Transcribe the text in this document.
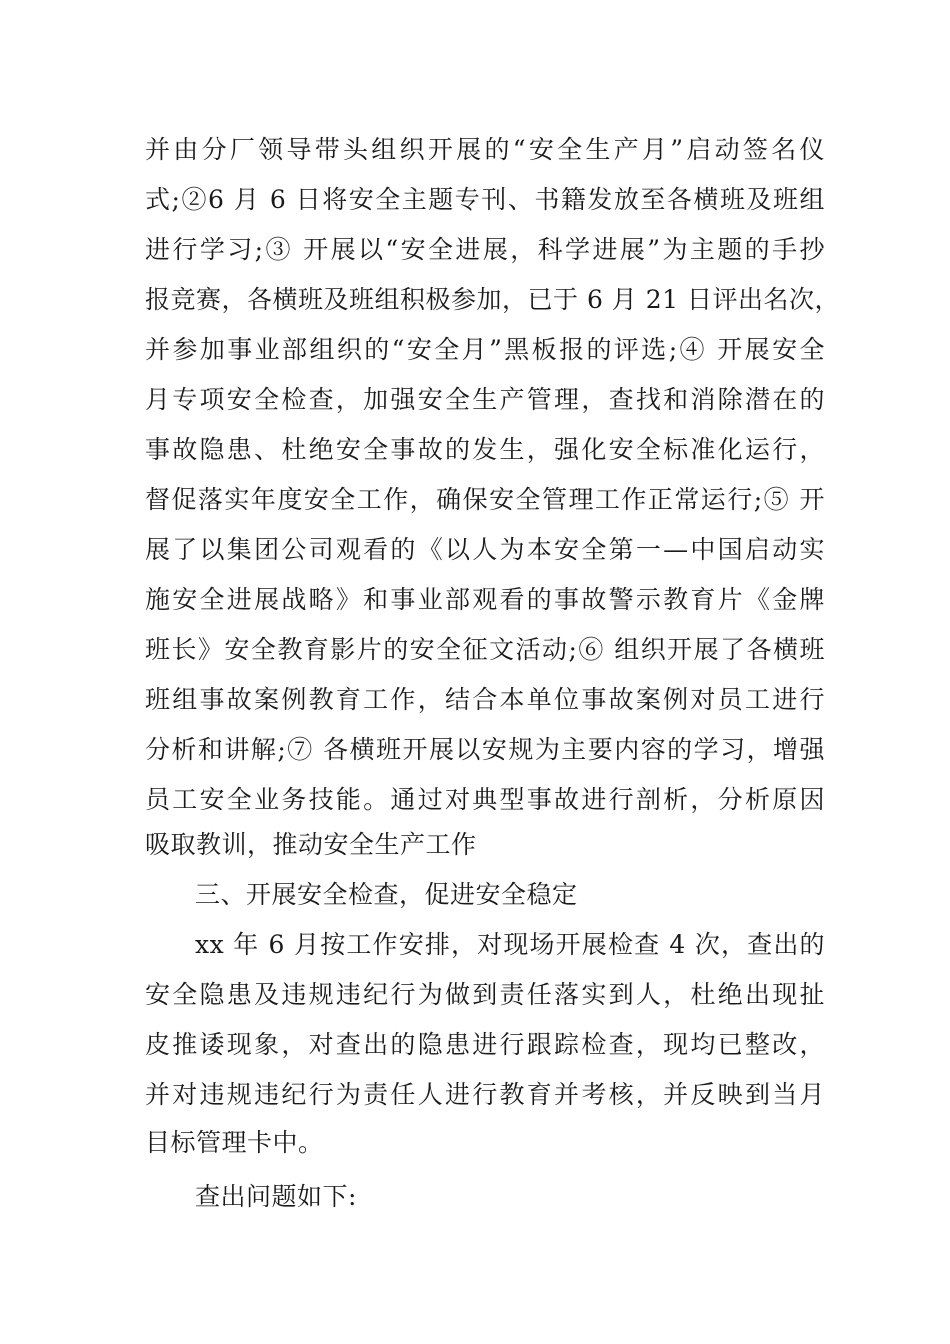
并由分厂领导带头组织开展的“安全生产月”启动签名仪
式;②6 月 6 日将安全主题专刊、书籍发放至各横班及班组
进行学习;③ 开展以“安全进展，科学进展”为主题的手抄
报竞赛，各横班及班组积极参加，已于 6 月 21 日评出名次，
并参加事业部组织的“安全月”黑板报的评选;④ 开展安全
月专项安全检查，加强安全生产管理，查找和消除潜在的
事故隐患、杜绝安全事故的发生，强化安全标准化运行，
督促落实年度安全工作，确保安全管理工作正常运行;⑤ 开
展了以集团公司观看的《以人为本安全第一—中国启动实
施安全进展战略》和事业部观看的事故警示教育片《金牌
班长》安全教育影片的安全征文活动;⑥ 组织开展了各横班
班组事故案例教育工作，结合本单位事故案例对员工进行
分析和讲解;⑦ 各横班开展以安规为主要内容的学习，增强
员工安全业务技能。通过对典型事故进行剖析，分析原因
吸取教训，推动安全生产工作
三、开展安全检查，促进安全稳定
xx 年 6 月按工作安排，对现场开展检查 4 次，查出的
安全隐患及违规违纪行为做到责任落实到人，杜绝出现扯
皮推诿现象，对查出的隐患进行跟踪检查，现均已整改，
并对违规违纪行为责任人进行教育并考核，并反映到当月
目标管理卡中。
查出问题如下:
